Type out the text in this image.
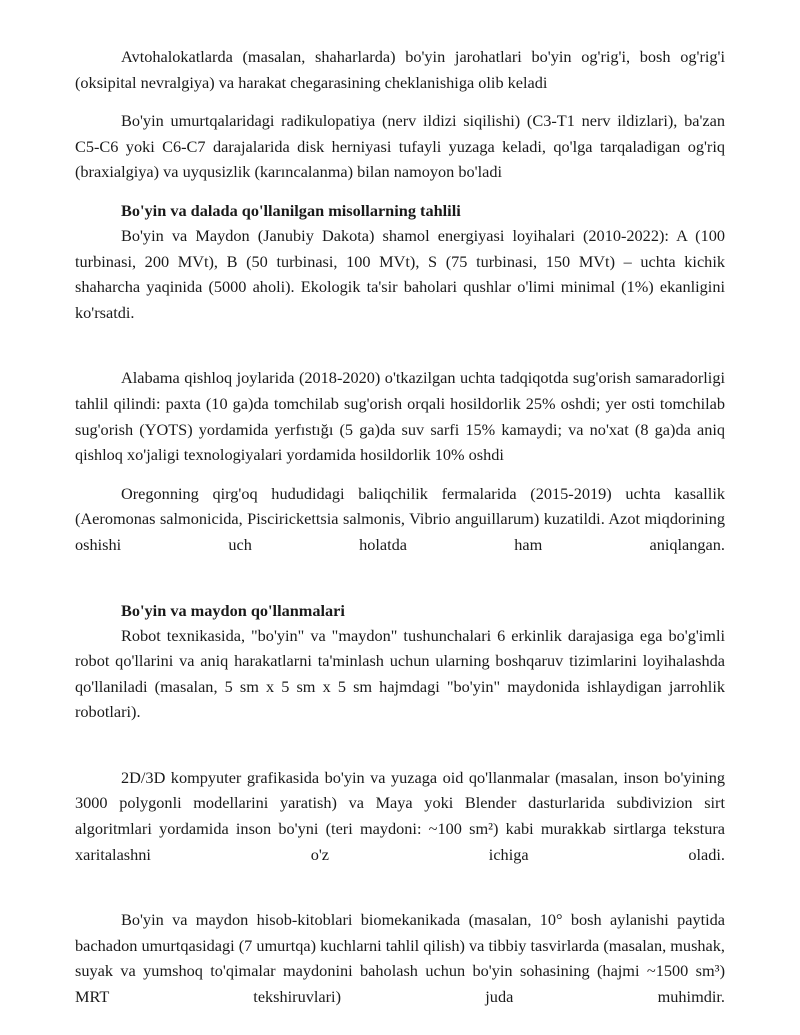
Avtohalokatlarda (masalan, shaharlarda) bo'yin jarohatlari bo'yin og'rig'i, bosh og'rig'i (oksipital nevralgiya) va harakat chegarasining cheklanishiga olib keladi

Bo'yin umurtqalaridagi radikulopatiya (nerv ildizi siqilishi) (C3-T1 nerv ildizlari), ba'zan C5-C6 yoki C6-C7 darajalarida disk herniyasi tufayli yuzaga keladi, qo'lga tarqaladigan og'riq (braxialgiya) va uyqusizlik (karıncalanma) bilan namoyon bo'ladi

Bo'yin va dalada qo'llanilgan misollarning tahlili

Bo'yin va Maydon (Janubiy Dakota) shamol energiyasi loyihalari (2010-2022): A (100 turbinasi, 200 MVt), B (50 turbinasi, 100 MVt), S (75 turbinasi, 150 MVt) – uchta kichik shaharcha yaqinida (5000 aholi). Ekologik ta'sir baholari qushlar o'limi minimal (1%) ekanligini ko'rsatdi.

Alabama qishloq joylarida (2018-2020) o'tkazilgan uchta tadqiqotda sug'orish samaradorligi tahlil qilindi: paxta (10 ga)da tomchilab sug'orish orqali hosildorlik 25% oshdi; yer osti tomchilab sug'orish (YOTS) yordamida yerfıstığı (5 ga)da suv sarfi 15% kamaydi; va no'xat (8 ga)da aniq qishloq xo'jaligi texnologiyalari yordamida hosildorlik 10% oshdi

Oregonning qirg'oq hududidagi baliqchilik fermalarida (2015-2019) uchta kasallik (Aeromonas salmonicida, Piscirickettsia salmonis, Vibrio anguillarum) kuzatildi. Azot miqdorining oshishi uch holatda ham aniqlangan.

Bo'yin va maydon qo'llanmalari

Robot texnikasida, "bo'yin" va "maydon" tushunchalari 6 erkinlik darajasiga ega bo'g'imli robot qo'llarini va aniq harakatlarni ta'minlash uchun ularning boshqaruv tizimlarini loyihalashda qo'llaniladi (masalan, 5 sm x 5 sm x 5 sm hajmdagi "bo'yin" maydonida ishlaydigan jarrohlik robotlari).

2D/3D kompyuter grafikasida bo'yin va yuzaga oid qo'llanmalar (masalan, inson bo'yining 3000 polygonli modellarini yaratish) va Maya yoki Blender dasturlarida subdivizion sirt algoritmlari yordamida inson bo'yni (teri maydoni: ~100 sm²) kabi murakkab sirtlarga tekstura xaritalashni o'z ichiga oladi.

Bo'yin va maydon hisob-kitoblari biomekanikada (masalan, 10° bosh aylanishi paytida bachadon umurtqasidagi (7 umurtqa) kuchlarni tahlil qilish) va tibbiy tasvirlarda (masalan, mushak, suyak va yumshoq to'qimalar maydonini baholash uchun bo'yin sohasining (hajmi ~1500 sm³) MRT tekshiruvlari) juda muhimdir.
